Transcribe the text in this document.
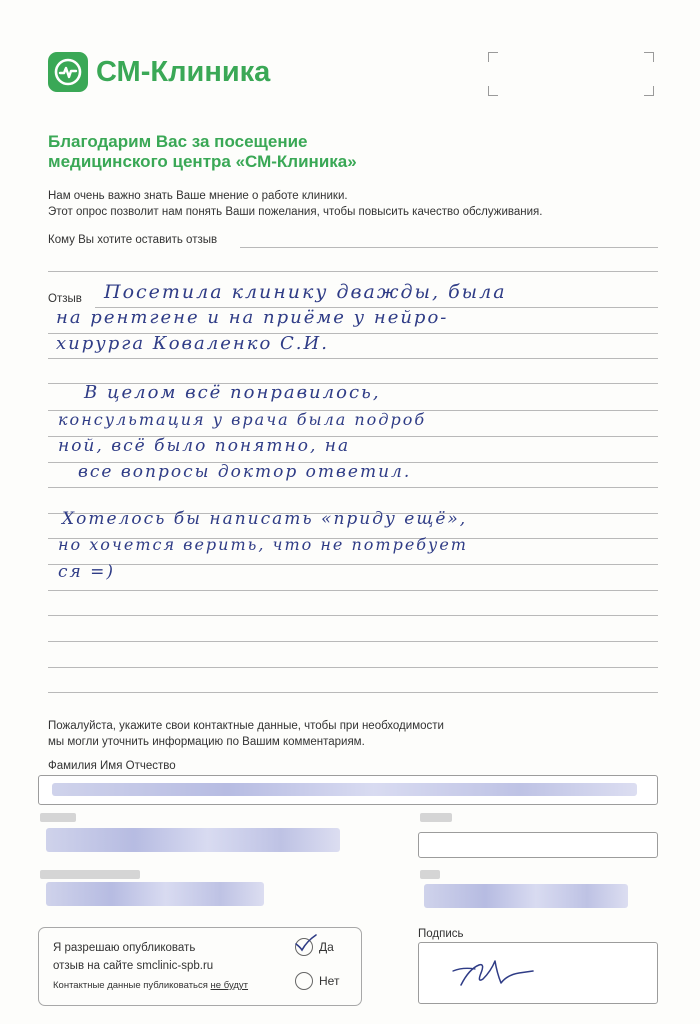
СМ-Клиника
Благодарим Вас за посещение
медицинского центра «СМ-Клиника»
Нам очень важно знать Ваше мнение о работе клиники.
Этот опрос позволит нам понять Ваши пожелания, чтобы повысить качество обслуживания.
Кому Вы хотите оставить отзыв
Отзыв Посетила клинику дважды, была
на рентгене и на приёме у нейро-
хирурга Коваленко С.И.
В целом всё понравилось,
консультация у врача была подроб
ной, всё было понятно, на
все вопросы доктор ответил.
Хотелось бы написать «приду ещё»,
но хочется верить, что не потребует
ся =)
Пожалуйста, укажите свои контактные данные, чтобы при необходимости
мы могли уточнить информацию по Вашим комментариям.
Фамилия Имя Отчество
Я разрешаю опубликовать
отзыв на сайте smclinic-spb.ru
Контактные данные публиковаться не будут
Да
Нет
Подпись
